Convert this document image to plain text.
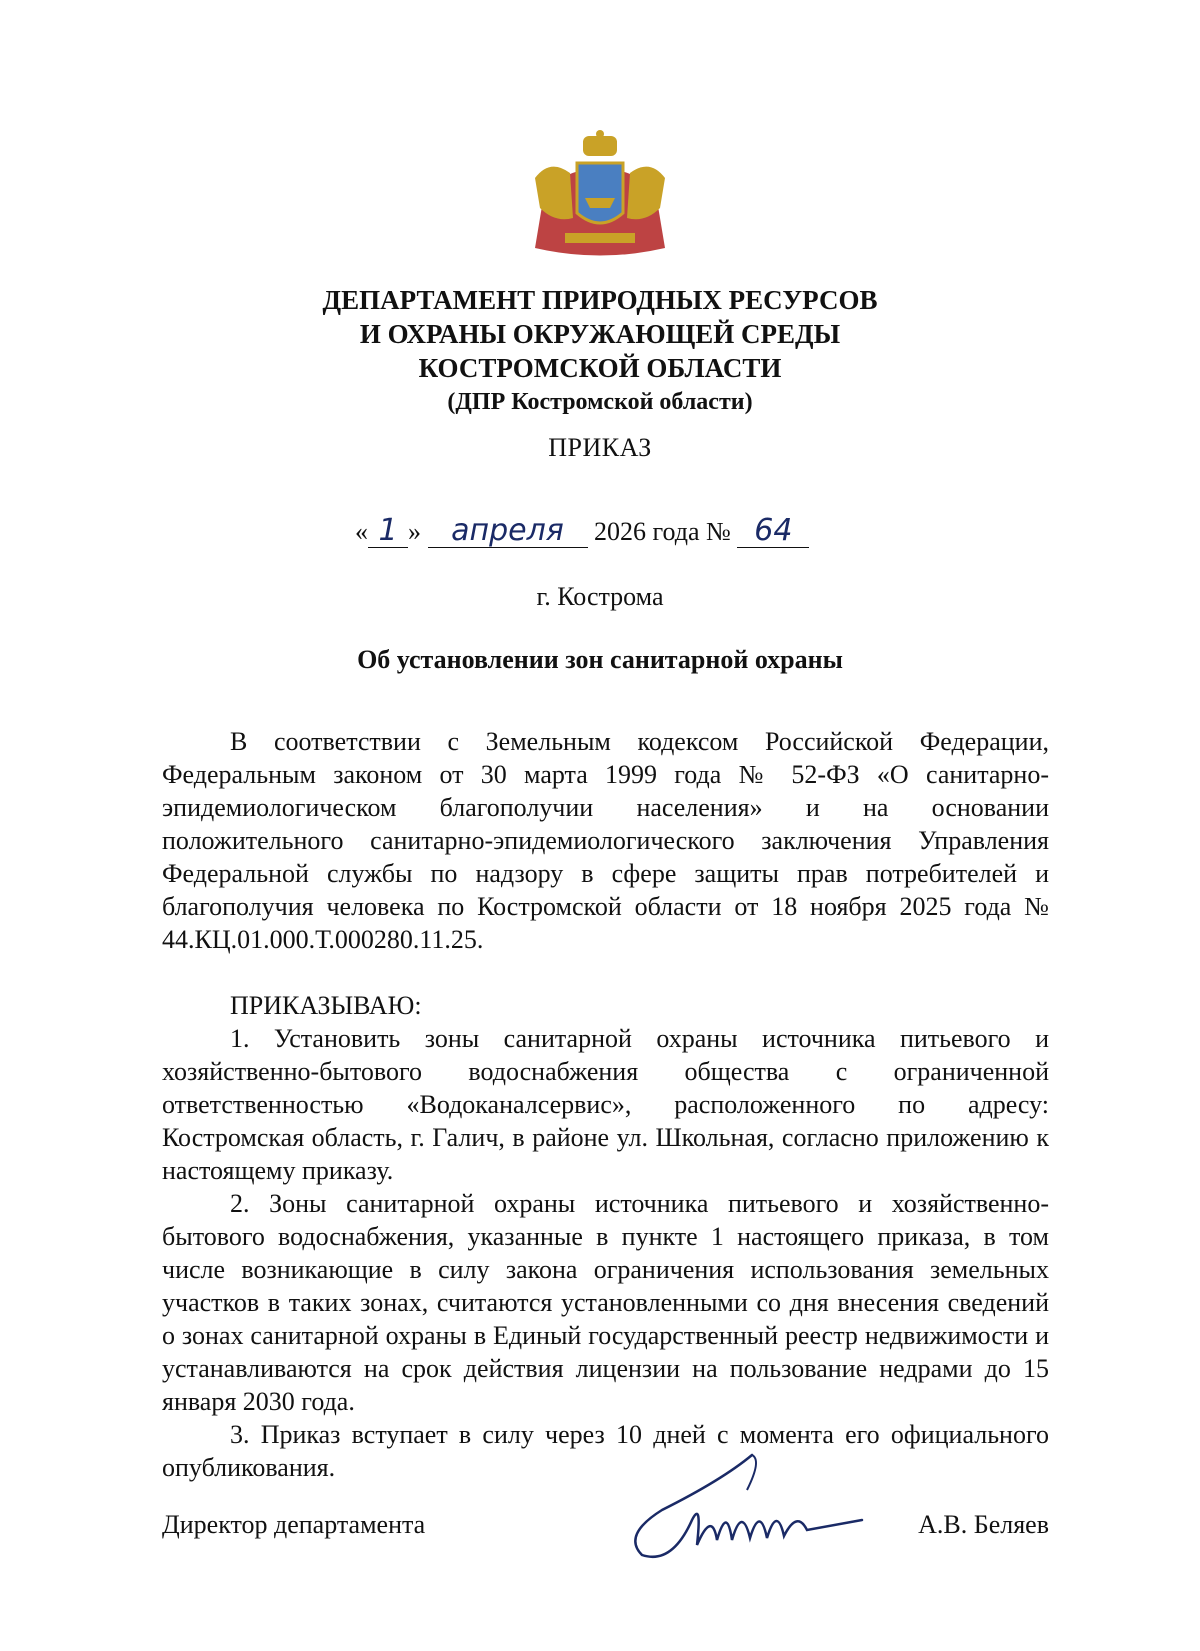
ДЕПАРТАМЕНТ ПРИРОДНЫХ РЕСУРСОВ
И ОХРАНЫ ОКРУЖАЮЩЕЙ СРЕДЫ
КОСТРОМСКОЙ ОБЛАСТИ
(ДПР Костромской области)
ПРИКАЗ
« 1 » апреля 2026 года № 64
г. Кострома
Об установлении зон санитарной охраны

В соответствии с Земельным кодексом Российской Федерации, Федеральным законом от 30 марта 1999 года № 52-ФЗ «О санитарно-эпидемиологическом благополучии населения» и на основании положительного санитарно-эпидемиологического заключения Управления Федеральной службы по надзору в сфере защиты прав потребителей и благополучия человека по Костромской области от 18 ноября 2025 года № 44.КЦ.01.000.Т.000280.11.25.

ПРИКАЗЫВАЮ:

1. Установить зоны санитарной охраны источника питьевого и хозяйственно-бытового водоснабжения общества с ограниченной ответственностью «Водоканалсервис», расположенного по адресу: Костромская область, г. Галич, в районе ул. Школьная, согласно приложению к настоящему приказу.

2. Зоны санитарной охраны источника питьевого и хозяйственно-бытового водоснабжения, указанные в пункте 1 настоящего приказа, в том числе возникающие в силу закона ограничения использования земельных участков в таких зонах, считаются установленными со дня внесения сведений о зонах санитарной охраны в Единый государственный реестр недвижимости и устанавливаются на срок действия лицензии на пользование недрами до 15 января 2030 года.

3. Приказ вступает в силу через 10 дней с момента его официального опубликования.

Директор департамента	А.В. Беляев
